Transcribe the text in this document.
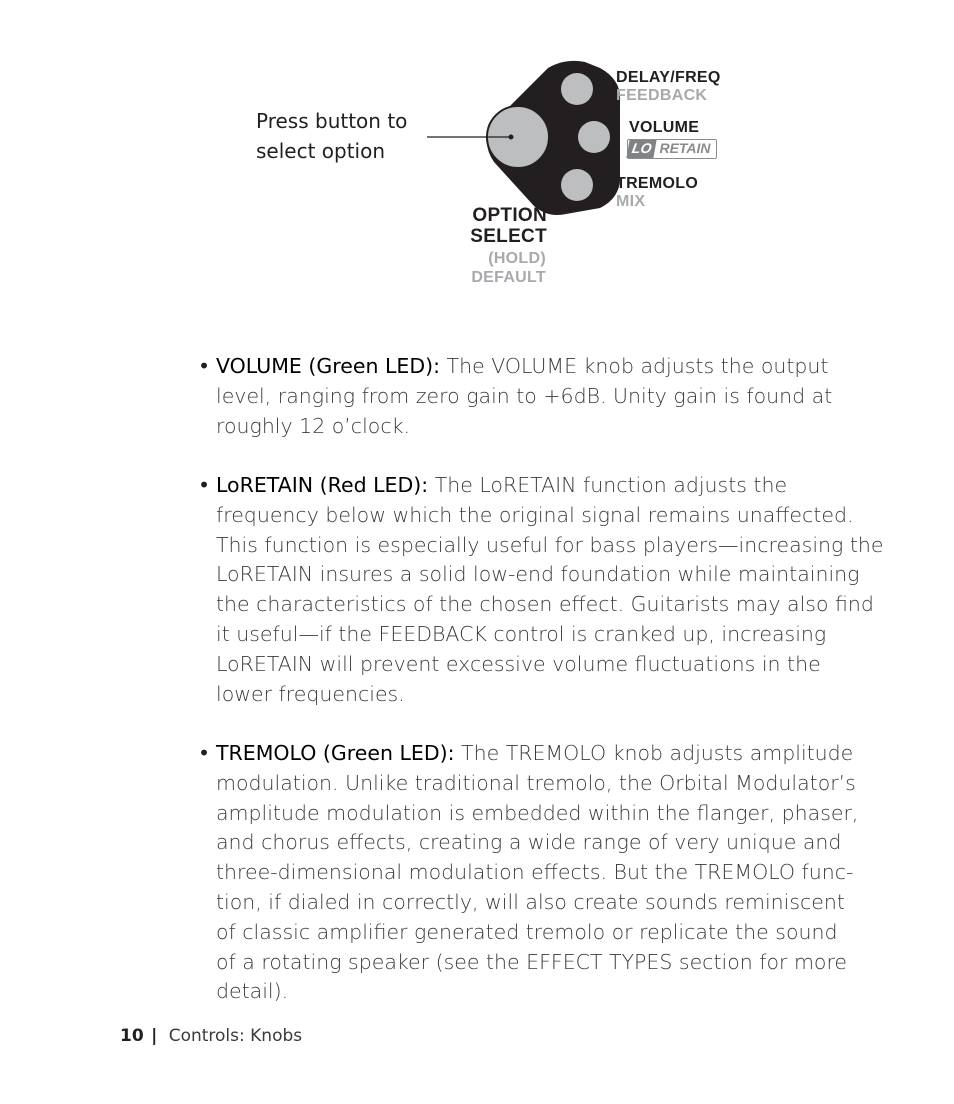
Press button to
select option
DELAY/FREQ
FEEDBACK
VOLUME
LO RETAIN
TREMOLO
MIX
OPTION
SELECT
(HOLD)
DEFAULT
• VOLUME (Green LED): The VOLUME knob adjusts the output
level, ranging from zero gain to +6dB. Unity gain is found at
roughly 12 o’clock.
• LoRETAIN (Red LED): The LoRETAIN function adjusts the
frequency below which the original signal remains unaffected.
This function is especially useful for bass players—increasing the
LoRETAIN insures a solid low-end foundation while maintaining
the characteristics of the chosen effect. Guitarists may also find
it useful—if the FEEDBACK control is cranked up, increasing
LoRETAIN will prevent excessive volume fluctuations in the
lower frequencies.
• TREMOLO (Green LED): The TREMOLO knob adjusts amplitude
modulation. Unlike traditional tremolo, the Orbital Modulator’s
amplitude modulation is embedded within the flanger, phaser,
and chorus effects, creating a wide range of very unique and
three-dimensional modulation effects. But the TREMOLO func-
tion, if dialed in correctly, will also create sounds reminiscent
of classic amplifier generated tremolo or replicate the sound
of a rotating speaker (see the EFFECT TYPES section for more
detail).
10 | Controls: Knobs
